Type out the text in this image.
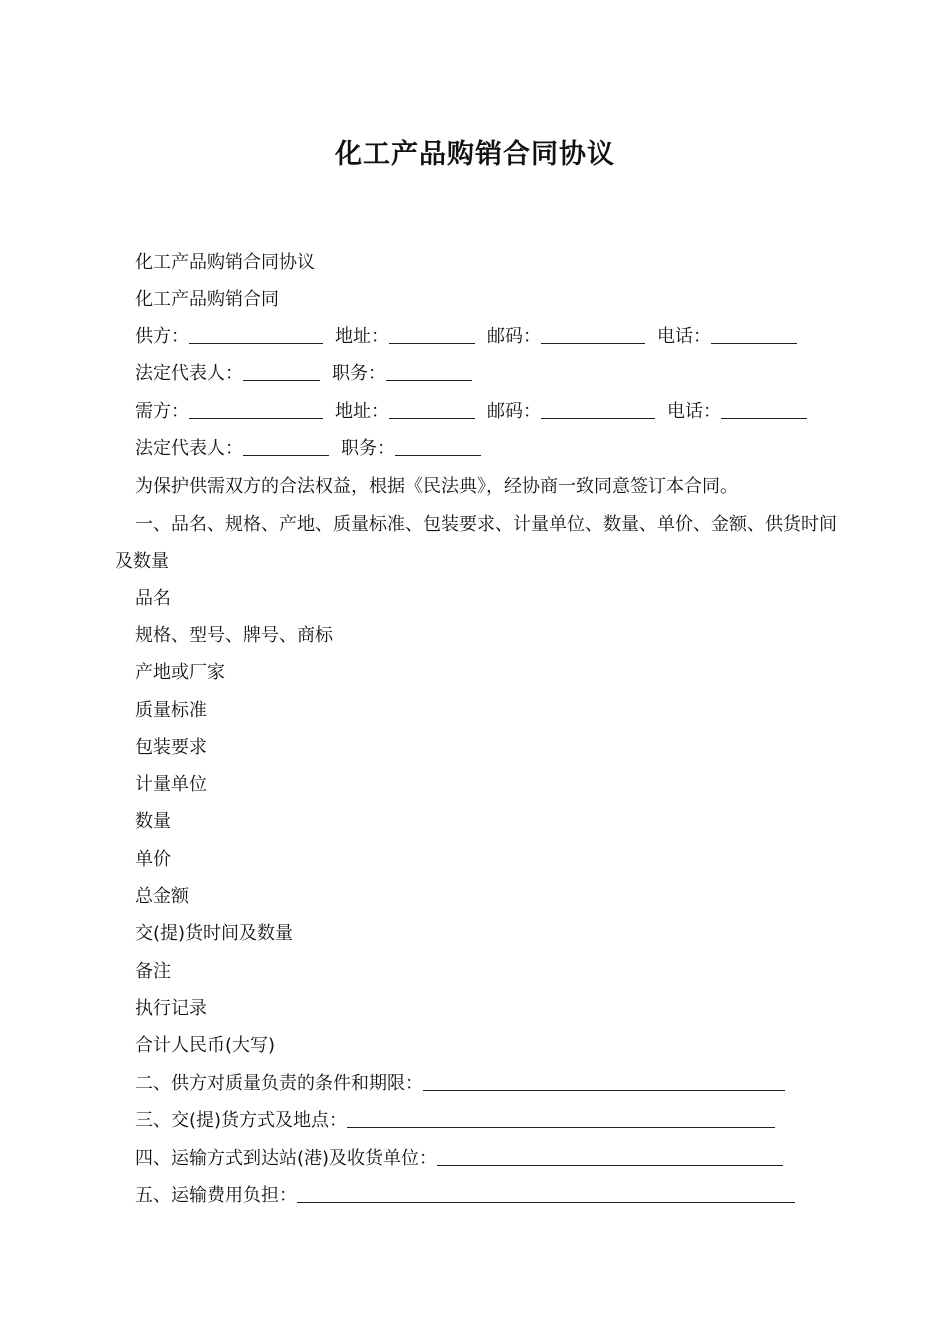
化工产品购销合同协议
化工产品购销合同协议
化工产品购销合同
供方：	地址：	邮码：	电话：
法定代表人：	职务：
需方：	地址：	邮码：	电话：
法定代表人：	职务：
为保护供需双方的合法权益，根据《民法典》，经协商一致同意签订本合同。
一、品名、规格、产地、质量标准、包装要求、计量单位、数量、单价、金额、供货时间及数量
品名
规格、型号、牌号、商标
产地或厂家
质量标准
包装要求
计量单位
数量
单价
总金额
交(提)货时间及数量
备注
执行记录
合计人民币(大写)
二、供方对质量负责的条件和期限：
三、交(提)货方式及地点：
四、运输方式到达站(港)及收货单位：
五、运输费用负担：
